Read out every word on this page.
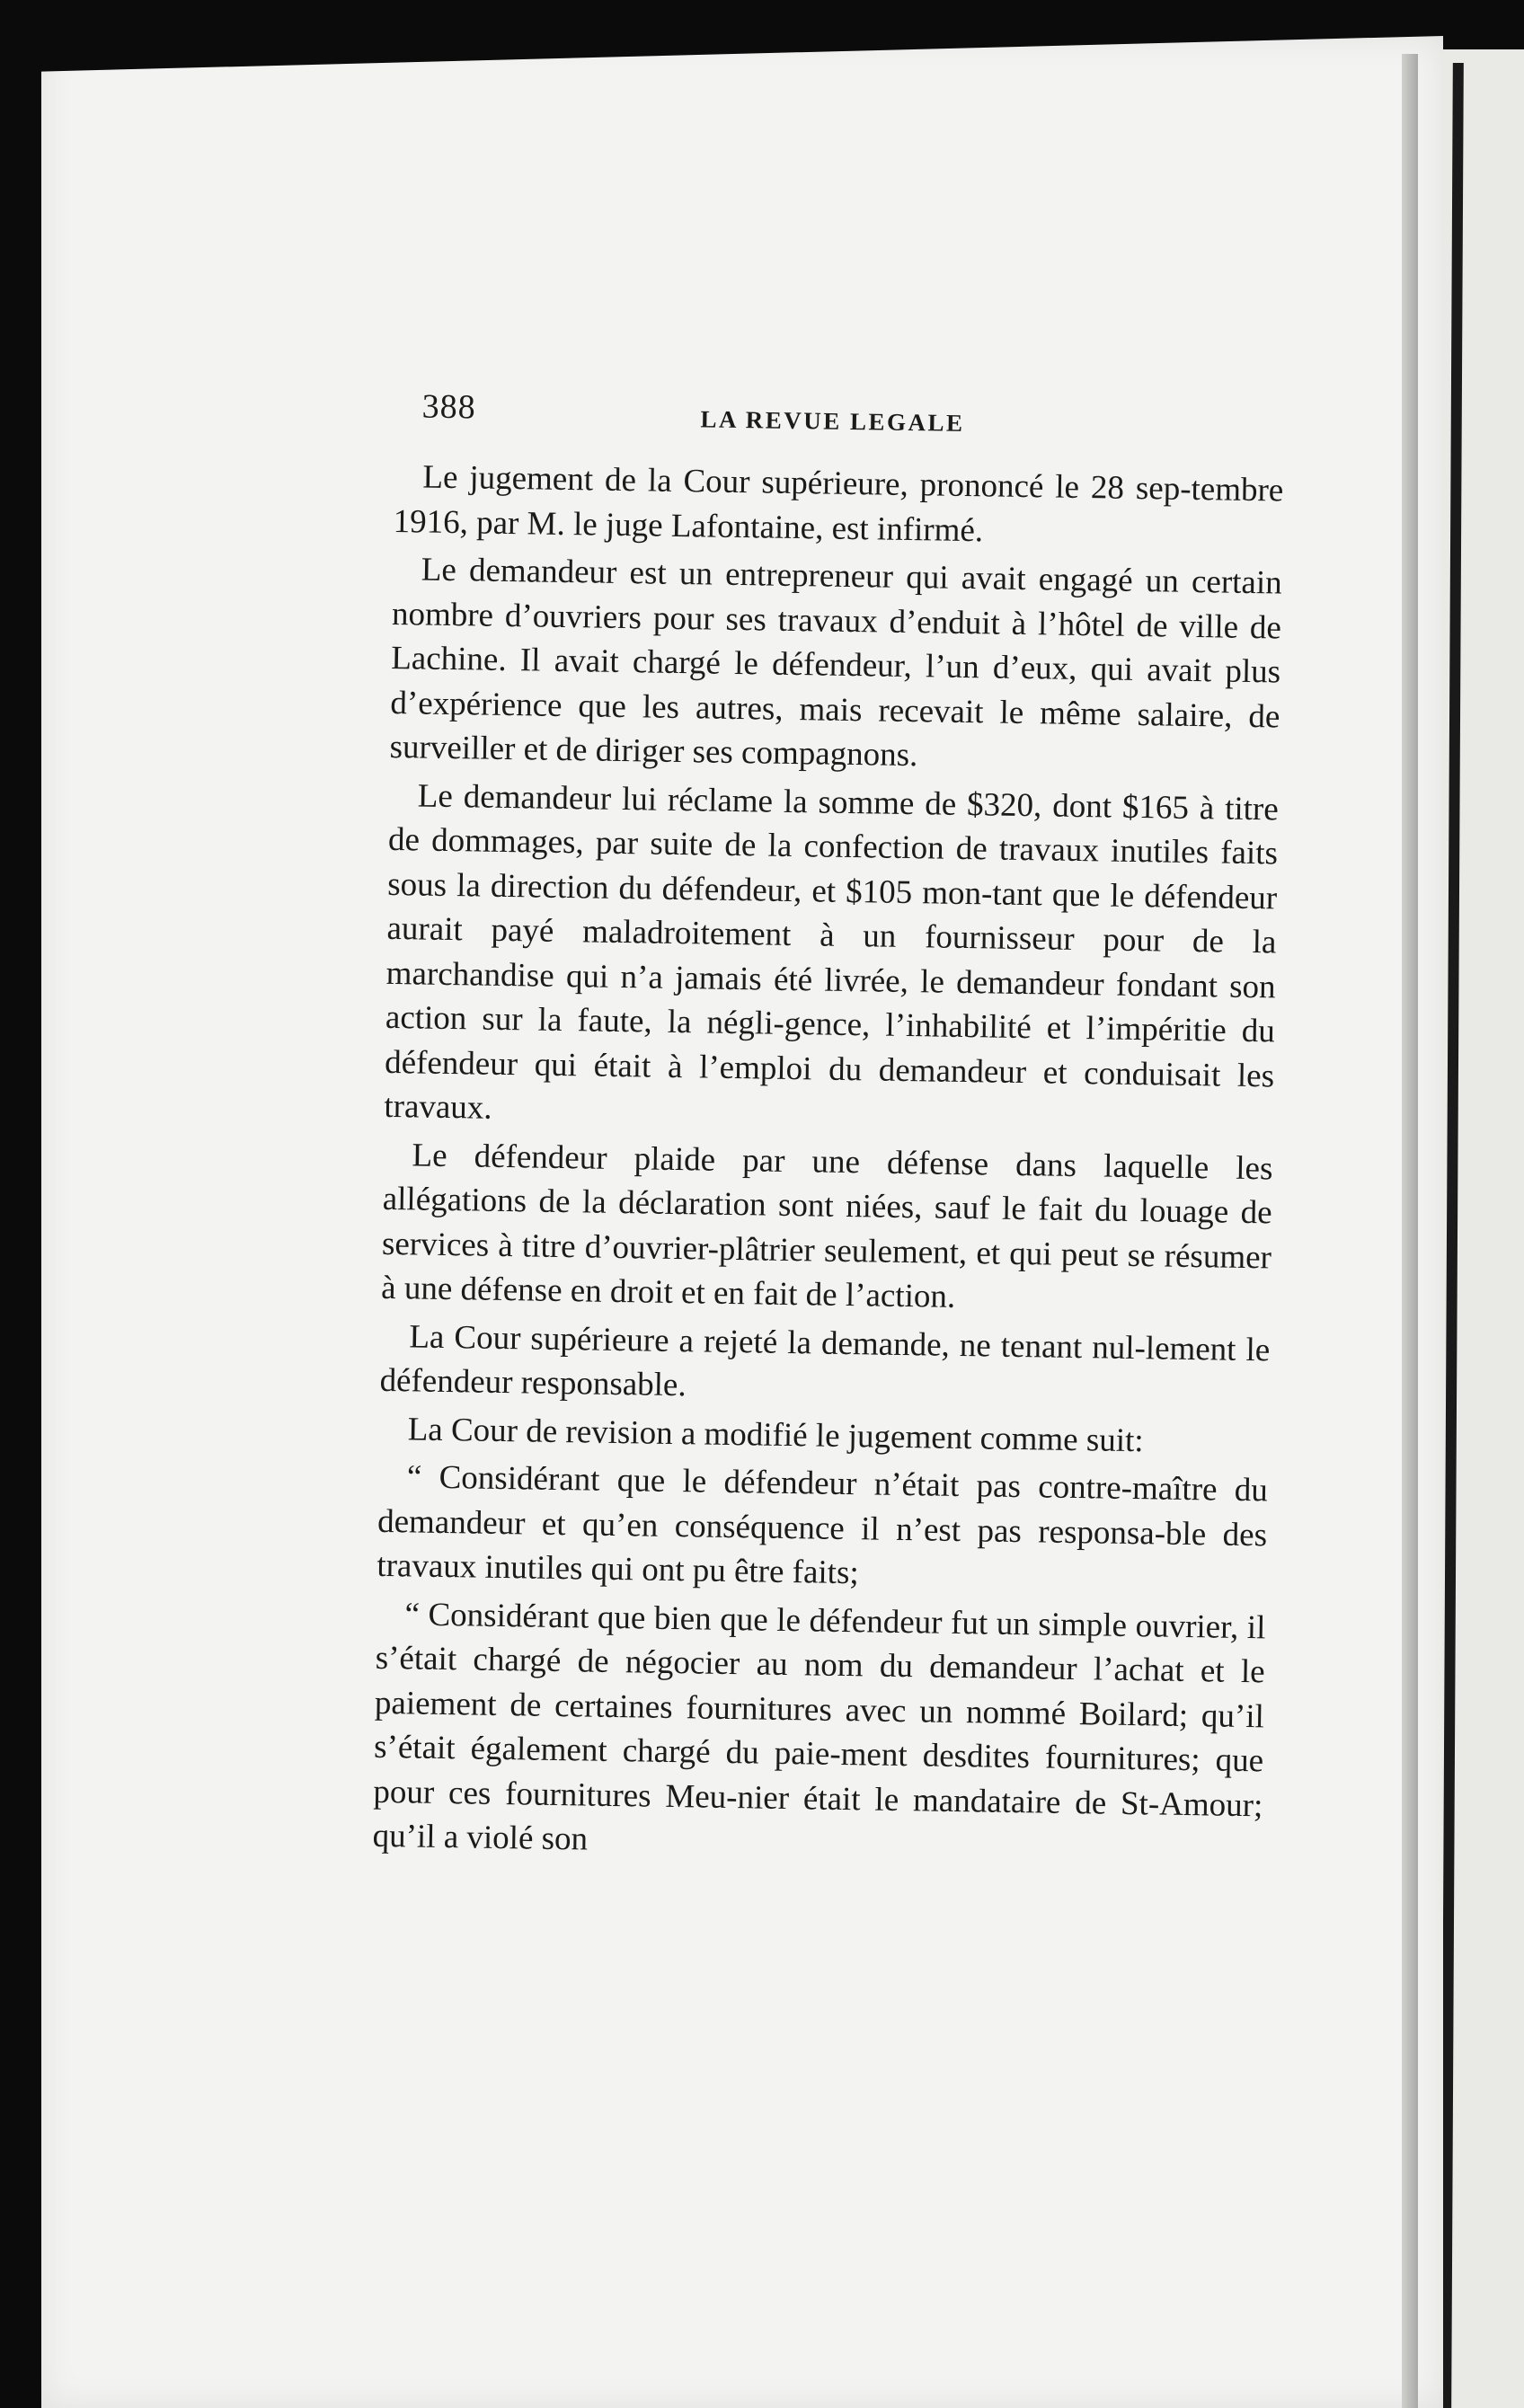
388	LA REVUE LEGALE

Le jugement de la Cour supérieure, prononcé le 28 sep-tembre 1916, par M. le juge Lafontaine, est infirmé.

Le demandeur est un entrepreneur qui avait engagé un certain nombre d’ouvriers pour ses travaux d’enduit à l’hôtel de ville de Lachine. Il avait chargé le défendeur, l’un d’eux, qui avait plus d’expérience que les autres, mais recevait le même salaire, de surveiller et de diriger ses compagnons.

Le demandeur lui réclame la somme de $320, dont $165 à titre de dommages, par suite de la confection de travaux inutiles faits sous la direction du défendeur, et $105 mon-tant que le défendeur aurait payé maladroitement à un fournisseur pour de la marchandise qui n’a jamais été livrée, le demandeur fondant son action sur la faute, la négli-gence, l’inhabilité et l’impéritie du défendeur qui était à l’emploi du demandeur et conduisait les travaux.

Le défendeur plaide par une défense dans laquelle les allégations de la déclaration sont niées, sauf le fait du louage de services à titre d’ouvrier-plâtrier seulement, et qui peut se résumer à une défense en droit et en fait de l’action.

La Cour supérieure a rejeté la demande, ne tenant nul-lement le défendeur responsable.

La Cour de revision a modifié le jugement comme suit:

“ Considérant que le défendeur n’était pas contre-maître du demandeur et qu’en conséquence il n’est pas responsa-ble des travaux inutiles qui ont pu être faits;

“ Considérant que bien que le défendeur fut un simple ouvrier, il s’était chargé de négocier au nom du demandeur l’achat et le paiement de certaines fournitures avec un nommé Boilard; qu’il s’était également chargé du paie-ment desdites fournitures; que pour ces fournitures Meu-nier était le mandataire de St-Amour; qu’il a violé son
